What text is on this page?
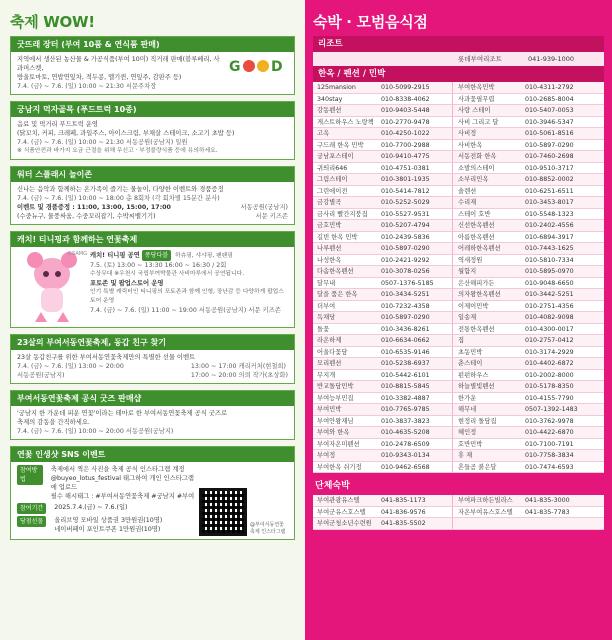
축제 WOW!
굿뜨래 장터 (부여 10품 & 연식품 판매)
지역에서 생산된 농산물 & 가공식품(부여 10미) 직거래 판매(블루베리, 사과머스켓,
방울토마토, 연밥연잎차, 적두콩, 멜기퀸, 연잎주, 감판주 등)
7.4. (금) ~ 7.6. (일) 10:00 ~ 21:30 서문주차장
G D
궁남지 먹자골목 (푸드트럭 10종)
음료 및 먹거리 푸드트럭 운영
(닭꼬치, 커피, 크레페, 과일주스, 아이스크림, 부채살 스테이크, 소고기 초밥 등)
7.4. (금) ~ 7.6. (일) 10:00 ~ 21:30 서동공원(궁남지) 일원
※ 식품안전과 바가지 요금 근절을 위해 무신고 · 부정불량식품 등에 유의하세요.
워터 스플래시 놀이존
신나는 음악과 함께하는 온가족이 즐기는 물놀이, 다양한 이벤트와 경품증정
7.4. (금) ~ 7.6. (일) 10:00 ~ 18:00 총 8회차 (각 회차별 15분간 분사)
이벤트 및 경품증정 : 11:00, 13:00, 15:00, 17:00
(수중뉴구, 물풍싸움, 수중꼬리잡기, 수박씨뱉기기)
서동공원(궁남지)
서문 키즈존
캐치! 티니핑과 함께하는 연꽃축제
©SAMG 캐치! 티니핑 공연 퐁당다블 하츄핑, 샤샤핑, 팬팬핑
7.5. (토) 13:00 ~ 13:30 16:00 ~ 16:30 / 2회
수상무대 ※우천시 국립부여박물관 사비마루에서 공연됩니다.
포토존 및 팝업스토어 운영
인기 특별 캐릭터인 티니핑의 포토존과 함께 인형, 장난감 등 다양하게 팝업스토어 운영
7.4. (금) ~ 7.6. (일) 11:00 ~ 19:00 서동공원(궁남지) 서문 키즈존
23살의 부여서동연꽃축제, 동갑 친구 찾기
23살 동갑친구를 위한 부여서동연꽃축제만의 특별한 선물 이벤트
7.4. (금) ~ 7.6. (일) 13:00 ~ 20:00
서동공원(궁남지)
13:00 ~ 17:00 캐리커처(현철희)
17:00 ~ 20:00 의뢰 작가(초상화)
부여서동연꽃축제 공식 굿즈 판매샵
'궁남지 한 가운데 피운 연꽃'이라는 테마로 한 부여서동연꽃축제 공식 굿즈로
축제의 감동을 간직하세요.
7.4. (금) ~ 7.6. (일) 10:00 ~ 20:00 서동공원(궁남지)
연꽃 인생샷 SNS 이벤트
참여방법
축제에서 찍은 사진을 축제 공식 인스타그램 계정
@buyeo_lotus_festival 태그하여 개인 인스타그램에 업로드
필수 해시태그 : #부여서동연꽃축제 #궁남지 #부여
참여기간	2025.7.4.(금) ~ 7.6.(일)
당첨선물	올리브영 모바일 상품권 3만원권(10명)
네이버페이 포인트쿠폰 1만원권(10명)
@부여서동연꽃축제 인스타그램
숙박 · 모범음식점
리조트
롯데부여리조트	041-939-1000
한옥 / 펜션 / 민박
125mansion	010-5099-2915	부여한옥민박	010-4311-2792
340stay	010-8338-4062	사과꽃필무렵	010-2685-8004
강동펜션	010-9403-5448	사랑 스테이	010-5407-0053
게스트하우스 노랑책	010-2770-9478	사비 그리고 달	010-3946-5347
고옥	010-4250-1022	사비정	010-5061-8516
구드래 한옥 민박	010-7700-2988	사비한옥	010-5897-0290
궁남포스테이	010-9410-4775	서동전화 한옥	010-7460-2698
귀띄리646	010-4751-0381	소발의스테이	010-9510-3717
그림스테이	010-3801-1935	소부리민옥	010-8852-0002
그린에이전	010-5414-7812	솔렌션	010-6251-6511
금강별곡	010-5252-5029	수리재	010-3453-8017
금사리 빨간지붕집	010-5527-9531	스테이 호반	010-5548-1323
금호민박	010-5207-4794	신선한옥펜션	010-2402-4556
길빈 한옥 민박	010-2439-5836	아름한옥펜션	010-6894-3917
나루펜션	010-5897-0290	어레하한옥펜션	010-7443-1625
나성한옥	010-2421-9292	역새정원	010-5810-7334
다솜한옥펜션	010-3078-0256	월함지	010-5895-0970
달무내	0507-1376-5185	은산해피가든	010-9048-6650
달을 품은 한옥	010-3434-5251	의자왕한옥펜션	010-3442-5251
더부여	010-7232-4358	이제이민박	010-2751-4356
독채당	010-5897-0290	일송재	010-4082-9098
돌꽃	010-3436-8261	전통한옥펜션	010-4300-0017
라온하제	010-6634-0662	집	010-2757-0412
어울다꽃담	010-6535-9146	초동민박	010-3174-2929
모리펜션	010-5238-6937	춘스테이	010-4402-6872
무지개	010-5442-6101	펀펀하우스	010-2002-8000
반교돌담민박	010-8815-5845	하늘별빛펜션	010-5178-8350
부여능부민집	010-3382-4887	한가운	010-4155-7790
부여민박	010-7765-9785	해무네	0507-1392-1483
부여안왕재님	010-3837-3823	현정리 돌담집	010-3762-9978
부여와 한옥	010-4635-5208	혜인정	010-4422-6870
부여자온미펜션	010-2478-6509	호반민박	010-7100-7191
부여정	010-9343-0134	휴 재	010-7758-3834
부여한옥 쉬기정	010-9462-6568	흔들곰 붉은달	010-7474-6593
단체숙박
부여관광유스텔	041-835-1173	부여파크하든빌라스	041-835-3000
부여군유스호스텔	041-836-9576	자온부여유스호스텔	041-835-7783
부여군청소년수련원	041-835-5502
